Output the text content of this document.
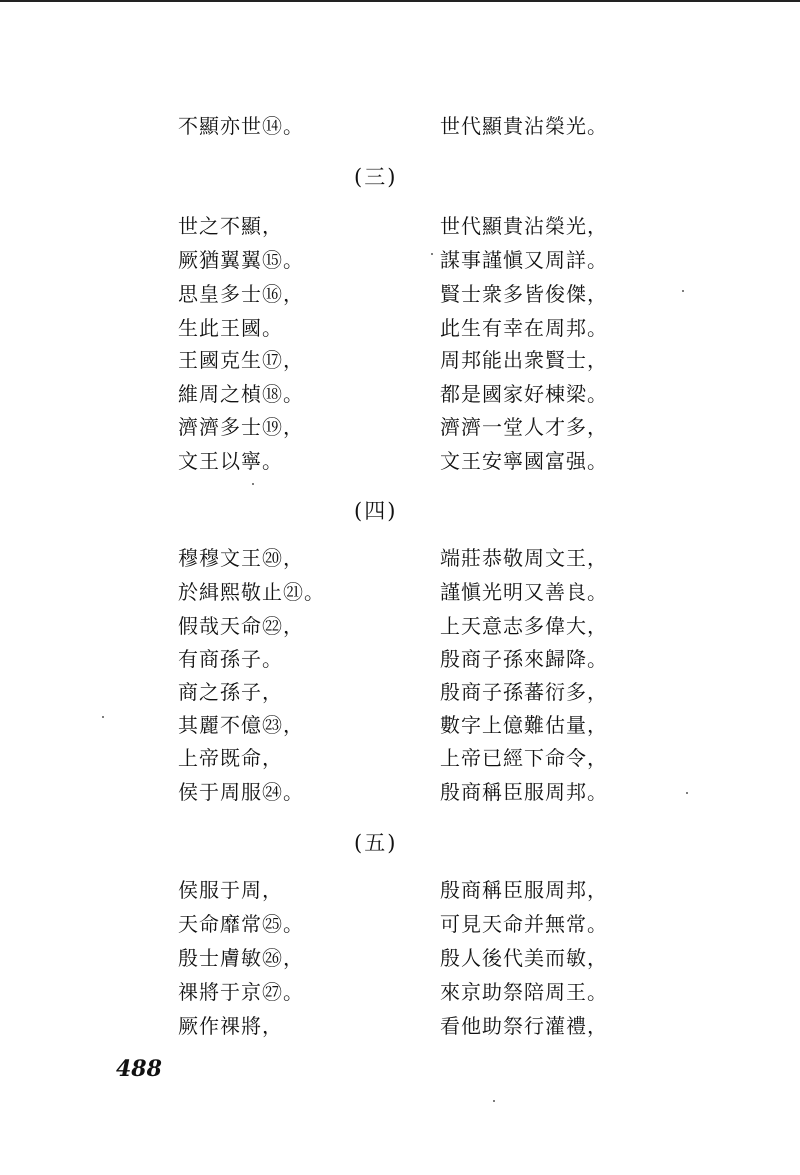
不顯亦世⑭。	世代顯貴沾榮光。
(三)
世之不顯，	世代顯貴沾榮光，
厥猶翼翼⑮。	謀事謹愼又周詳。
思皇多士⑯，	賢士衆多皆俊傑，
生此王國。	此生有幸在周邦。
王國克生⑰，	周邦能出衆賢士，
維周之楨⑱。	都是國家好棟梁。
濟濟多士⑲，	濟濟一堂人才多，
文王以寧。	文王安寧國富强。
(四)
穆穆文王⑳，	端莊恭敬周文王，
於緝熙敬止㉑。	謹愼光明又善良。
假哉天命㉒，	上天意志多偉大，
有商孫子。	殷商子孫來歸降。
商之孫子，	殷商子孫蕃衍多，
其麗不億㉓，	數字上億難估量，
上帝既命，	上帝已經下命令，
侯于周服㉔。	殷商稱臣服周邦。
(五)
侯服于周，	殷商稱臣服周邦，
天命靡常㉕。	可見天命并無常。
殷士膚敏㉖，	殷人後代美而敏，
祼將于京㉗。	來京助祭陪周王。
厥作祼將，	看他助祭行灌禮，
488
